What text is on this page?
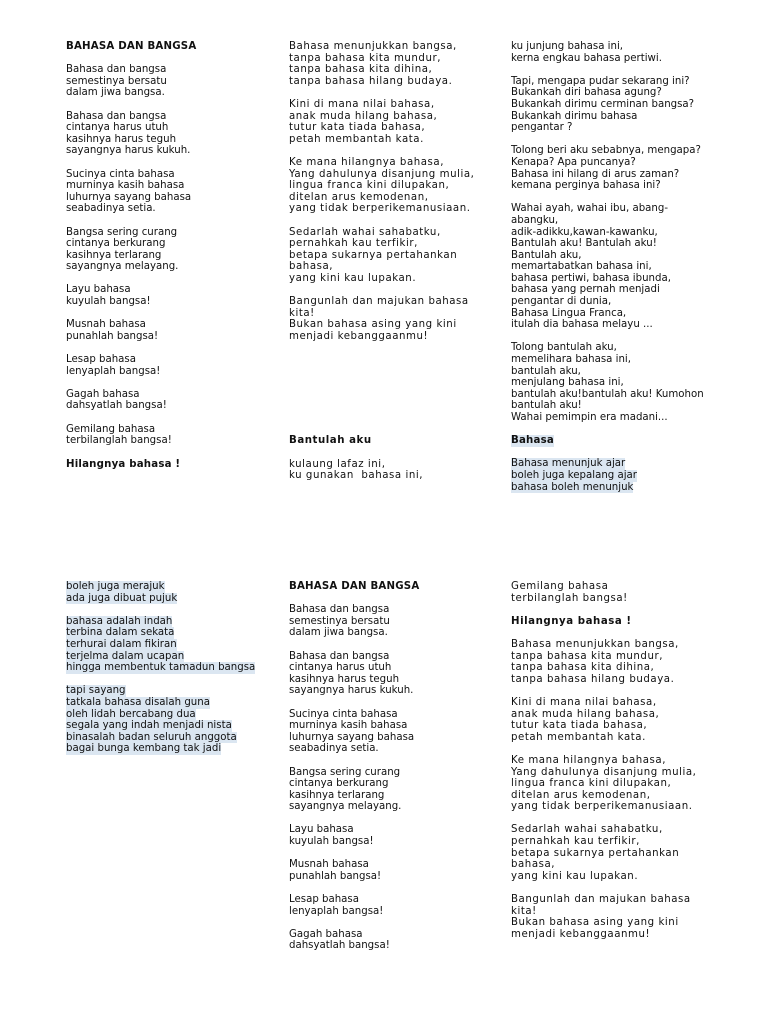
BAHASA DAN BANGSA

Bahasa dan bangsa
semestinya bersatu
dalam jiwa bangsa.

Bahasa dan bangsa
cintanya harus utuh
kasihnya harus teguh
sayangnya harus kukuh.

Sucinya cinta bahasa
murninya kasih bahasa
luhurnya sayang bahasa
seabadinya setia.

Bangsa sering curang
cintanya berkurang
kasihnya terlarang
sayangnya melayang.

Layu bahasa
kuyulah bangsa!

Musnah bahasa
punahlah bangsa!

Lesap bahasa
lenyaplah bangsa!

Gagah bahasa
dahsyatlah bangsa!

Gemilang bahasa
terbilanglah bangsa!

Hilangnya bahasa !

Bahasa menunjukkan bangsa,
tanpa bahasa kita mundur,
tanpa bahasa kita dihina,
tanpa bahasa hilang budaya.

Kini di mana nilai bahasa,
anak muda hilang bahasa,
tutur kata tiada bahasa,
petah membantah kata.

Ke mana hilangnya bahasa,
Yang dahulunya disanjung mulia,
lingua franca kini dilupakan,
ditelan arus kemodenan,
yang tidak berperikemanusiaan.

Sedarlah wahai sahabatku,
pernahkah kau terfikir,
betapa sukarnya pertahankan
bahasa,
yang kini kau lupakan.

Bangunlah dan majukan bahasa
kita!
Bukan bahasa asing yang kini
menjadi kebanggaanmu!

Bantulah aku

kulaung lafaz ini,
ku gunakan  bahasa ini,

ku junjung bahasa ini,
kerna engkau bahasa pertiwi.

Tapi, mengapa pudar sekarang ini?
Bukankah diri bahasa agung?
Bukankah dirimu cerminan bangsa?
Bukankah dirimu bahasa
pengantar ?

Tolong beri aku sebabnya, mengapa?
Kenapa? Apa puncanya?
Bahasa ini hilang di arus zaman?
kemana perginya bahasa ini?

Wahai ayah, wahai ibu, abang-
abangku,
adik-adikku,kawan-kawanku,
Bantulah aku! Bantulah aku!
Bantulah aku,
memartabatkan bahasa ini,
bahasa pertiwi, bahasa ibunda,
bahasa yang pernah menjadi
pengantar di dunia,
Bahasa Lingua Franca,
itulah dia bahasa melayu ...

Tolong bantulah aku,
memelihara bahasa ini,
bantulah aku,
menjulang bahasa ini,
bantulah aku!bantulah aku! Kumohon
bantulah aku!
Wahai pemimpin era madani...

Bahasa

Bahasa menunjuk ajar
boleh juga kepalang ajar
bahasa boleh menunjuk

boleh juga merajuk
ada juga dibuat pujuk

bahasa adalah indah
terbina dalam sekata
terhurai dalam fikiran
terjelma dalam ucapan
hingga membentuk tamadun bangsa

tapi sayang
tatkala bahasa disalah guna
oleh lidah bercabang dua
segala yang indah menjadi nista
binasalah badan seluruh anggota
bagai bunga kembang tak jadi

BAHASA DAN BANGSA

Bahasa dan bangsa
semestinya bersatu
dalam jiwa bangsa.

Bahasa dan bangsa
cintanya harus utuh
kasihnya harus teguh
sayangnya harus kukuh.

Sucinya cinta bahasa
murninya kasih bahasa
luhurnya sayang bahasa
seabadinya setia.

Bangsa sering curang
cintanya berkurang
kasihnya terlarang
sayangnya melayang.

Layu bahasa
kuyulah bangsa!

Musnah bahasa
punahlah bangsa!

Lesap bahasa
lenyaplah bangsa!

Gagah bahasa
dahsyatlah bangsa!

Gemilang bahasa
terbilanglah bangsa!

Hilangnya bahasa !

Bahasa menunjukkan bangsa,
tanpa bahasa kita mundur,
tanpa bahasa kita dihina,
tanpa bahasa hilang budaya.

Kini di mana nilai bahasa,
anak muda hilang bahasa,
tutur kata tiada bahasa,
petah membantah kata.

Ke mana hilangnya bahasa,
Yang dahulunya disanjung mulia,
lingua franca kini dilupakan,
ditelan arus kemodenan,
yang tidak berperikemanusiaan.

Sedarlah wahai sahabatku,
pernahkah kau terfikir,
betapa sukarnya pertahankan
bahasa,
yang kini kau lupakan.

Bangunlah dan majukan bahasa
kita!
Bukan bahasa asing yang kini
menjadi kebanggaanmu!
